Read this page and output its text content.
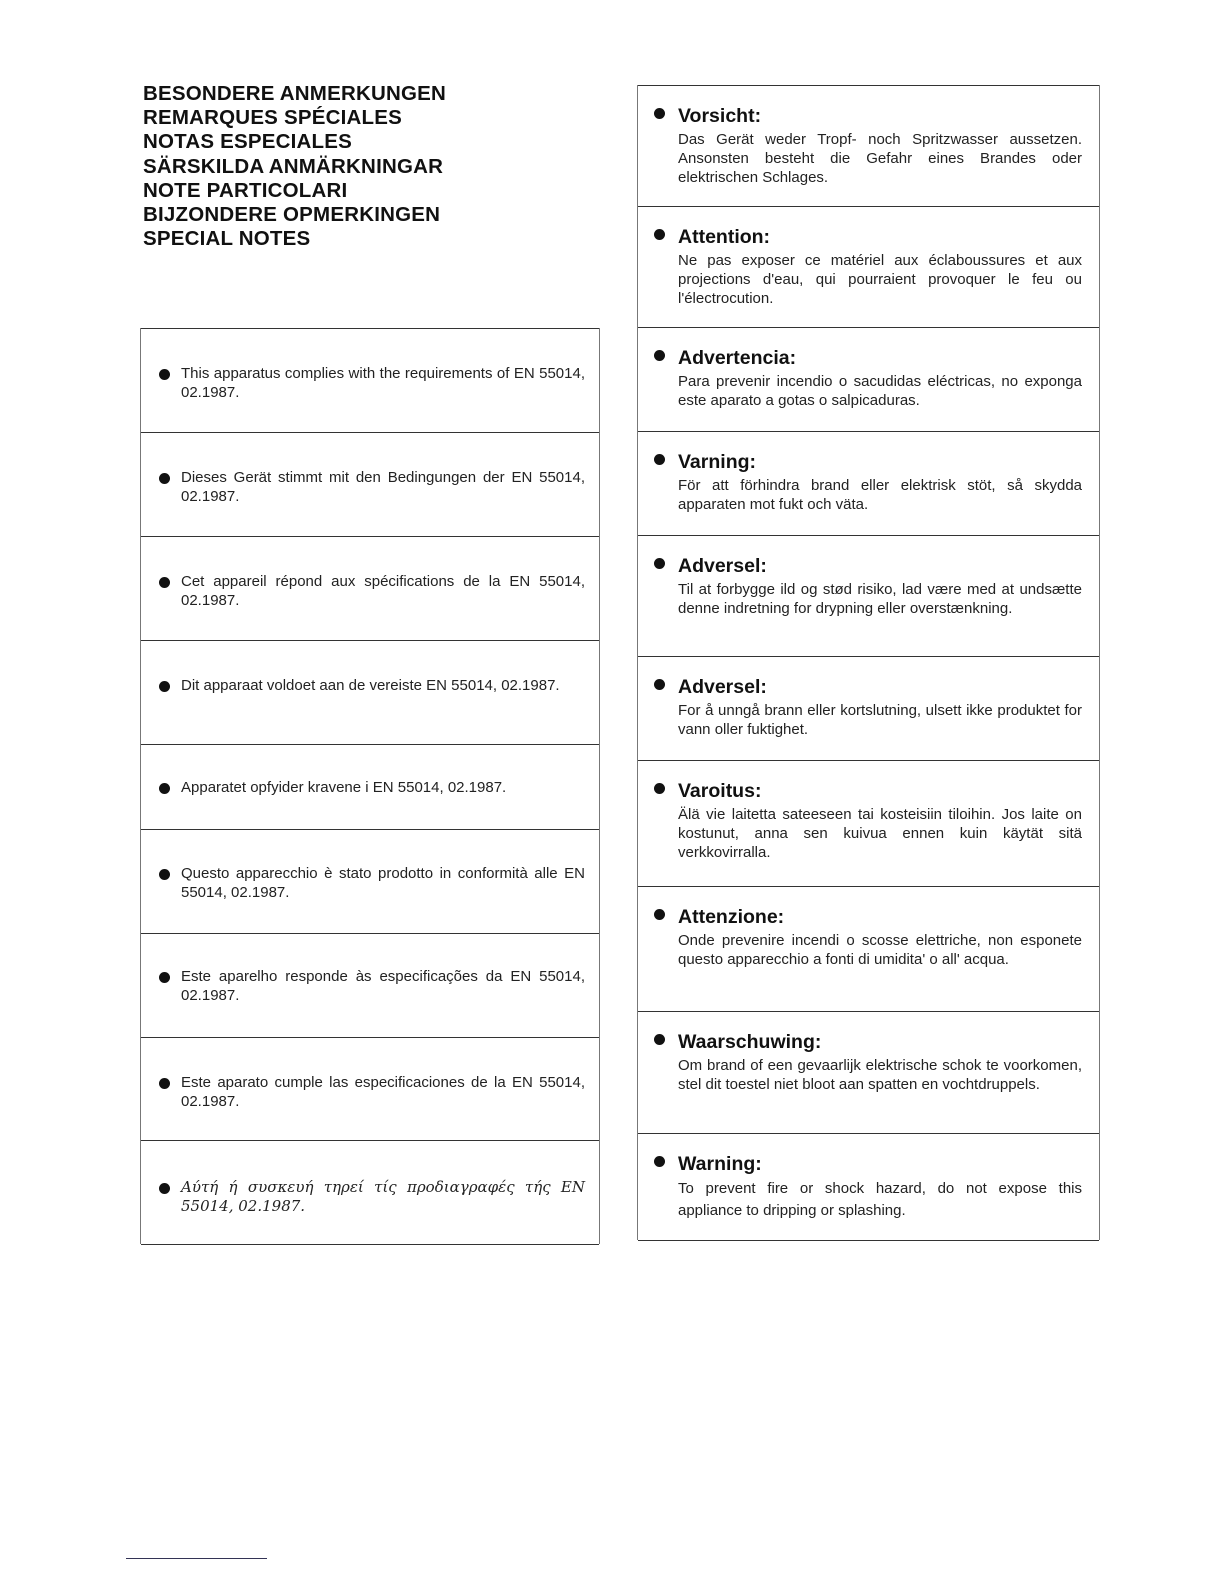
BESONDERE ANMERKUNGEN
REMARQUES SPÉCIALES
NOTAS ESPECIALES
SÄRSKILDA ANMÄRKNINGAR
NOTE PARTICOLARI
BIJZONDERE OPMERKINGEN
SPECIAL NOTES
This apparatus complies with the requirements of EN 55014, 02.1987.
Dieses Gerät stimmt mit den Bedingungen der EN 55014, 02.1987.
Cet appareil répond aux spécifications de la EN 55014, 02.1987.
Dit apparaat voldoet aan de vereiste EN 55014, 02.1987.
Apparatet opfyider kravene i EN 55014, 02.1987.
Questo apparecchio è stato prodotto in conformità alle EN 55014, 02.1987.
Este aparelho responde às especificações da EN 55014, 02.1987.
Este aparato cumple las especificaciones de la EN 55014, 02.1987.
Αύτή ή συσκευή τηρεί τίς προδιαγραφές τής EN 55014, 02.1987.
Vorsicht:
Das Gerät weder Tropf- noch Spritzwasser aussetzen. Ansonsten besteht die Gefahr eines Brandes oder elektrischen Schlages.
Attention:
Ne pas exposer ce matériel aux éclaboussures et aux projections d'eau, qui pourraient provoquer le feu ou l'électrocution.
Advertencia:
Para prevenir incendio o sacudidas eléctricas, no exponga este aparato a gotas o salpicaduras.
Varning:
För att förhindra brand eller elektrisk stöt, så skydda apparaten mot fukt och väta.
Adversel:
Til at forbygge ild og stød risiko, lad være med at undsætte denne indretning for drypning eller overstænkning.
Adversel:
For å unngå brann eller kortslutning, ulsett ikke produktet for vann oller fuktighet.
Varoitus:
Älä vie laitetta sateeseen tai kosteisiin tiloihin. Jos laite on kostunut, anna sen kuivua ennen kuin käytät sitä verkkovirralla.
Attenzione:
Onde prevenire incendi o scosse elettriche, non esponete questo apparecchio a fonti di umidita' o all' acqua.
Waarschuwing:
Om brand of een gevaarlijk elektrische schok te voorkomen, stel dit toestel niet bloot aan spatten en vochtdruppels.
Warning:
To prevent fire or shock hazard, do not expose this appliance to dripping or splashing.
